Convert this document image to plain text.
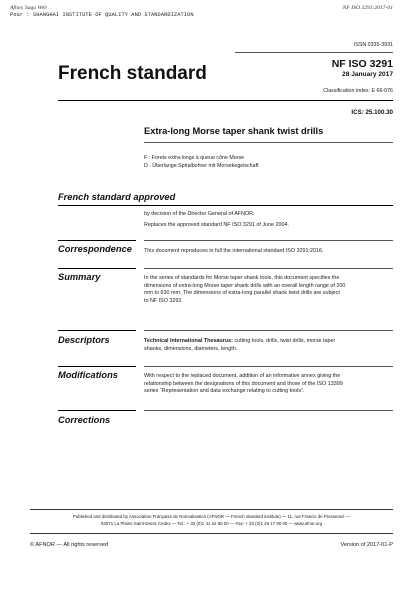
Afnor, Saga Web
Pour : SHANGHAI INSTITUTE OF QUALITY AND STANDARDIZATION
NF ISO 3291:2017-01
ISSN 0335-3931
French standard	NF ISO 3291
28 January 2017
Classification index: E 66-076
ICS: 25.100.30
Extra-long Morse taper shank twist drills
F : Forets extra-longs à queue cône Morse
D : Überlange Spiralbohrer mit Morsekegelschaft
French standard approved
by decision of the Director General of AFNOR.
Replaces the approved standard NF ISO 3291 of June 2004.
Correspondence This document reproduces in full the international standard ISO 3291:2016.
Summary	In the series of standards for Morse taper shank tools, this document specifies the
dimensions of extra-long Morse taper shank drills with an overall length range of 200
mm to 630 mm. The dimensions of extra-long parallel shank twist drills are subject
to NF ISO 3292.
Descriptors	Technical International Thesaurus: cutting tools, drills, twist drills, morse taper
shanks, dimensions, diameters, length.
Modifications	With respect to the replaced document, addition of an informative annex giving the
relationship between the designations of this document and those of the ISO 13399
series “Representation and data exchange relating to cutting tools”.
Corrections
Published and distributed by Association Française de Normalisation (AFNOR — French standard institute) — 11, rue Francis de Pressensé —
93571 La Plaine Saint-Denis Cedex — Tel.: + 33 (0)1 41 62 80 00 — Fax: + 33 (0)1 49 17 90 00 — www.afnor.org
© AFNOR — All rights reserved	Version of 2017-01-P
